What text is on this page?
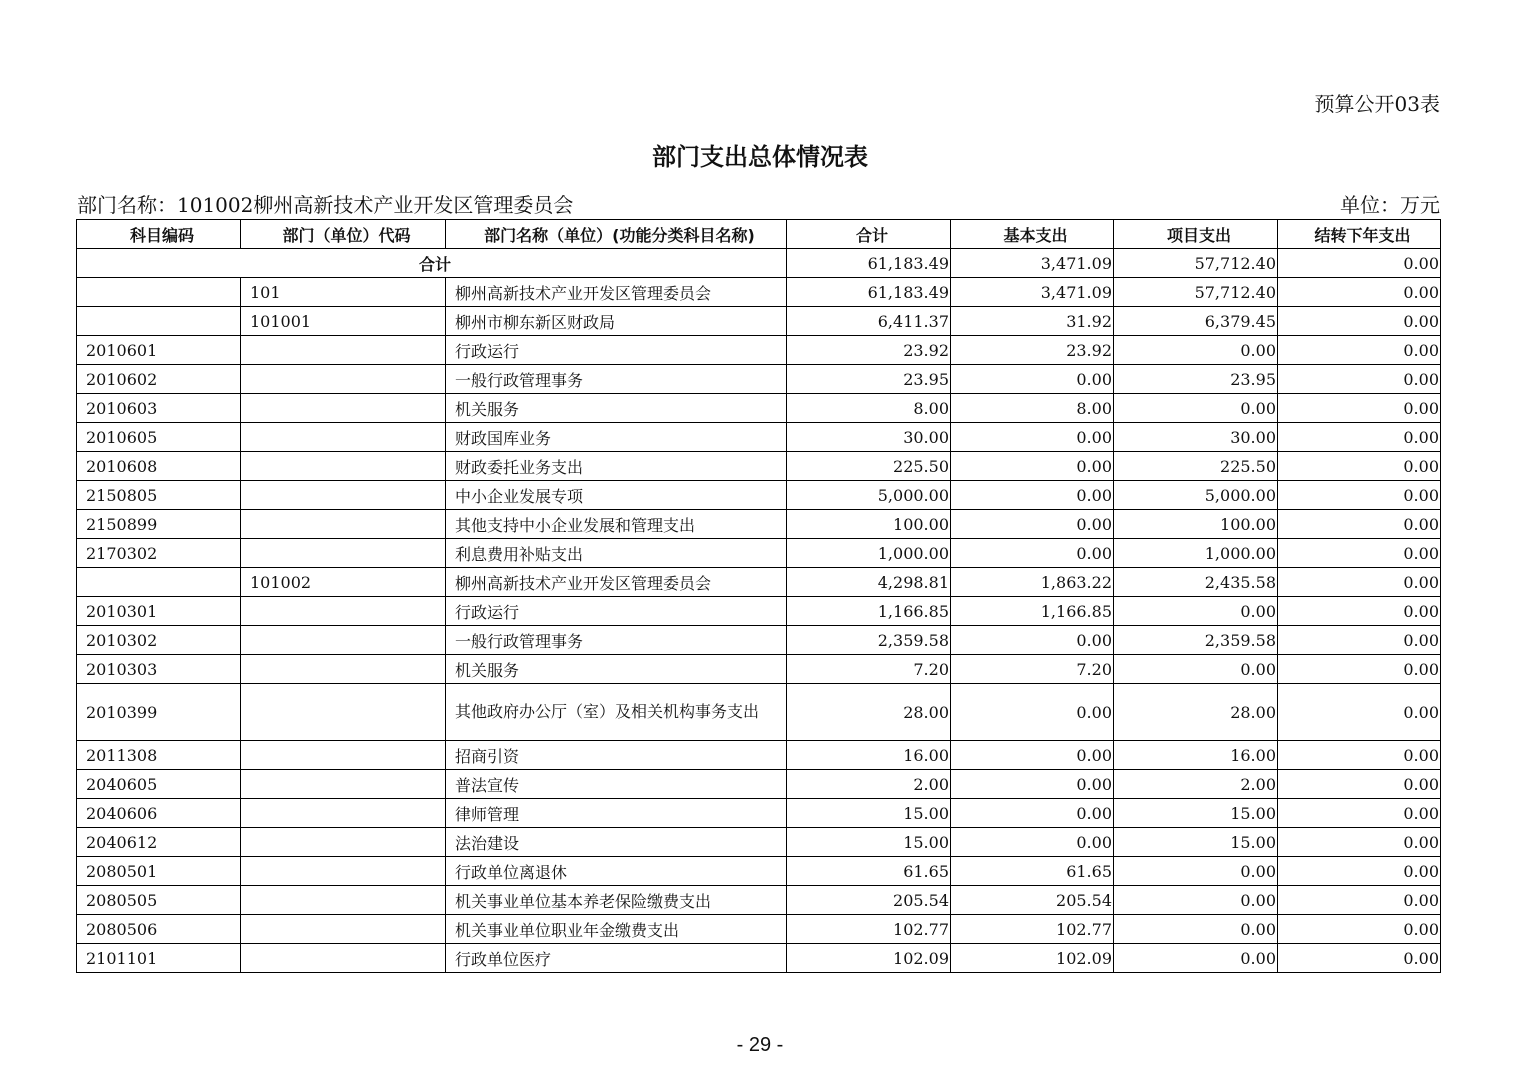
预算公开03表
部门支出总体情况表
部门名称：101002柳州高新技术产业开发区管理委员会	单位：万元
科目编码	部门（单位）代码	部门名称（单位）(功能分类科目名称)	合计	基本支出	项目支出	结转下年支出
合计			61,183.49	3,471.09	57,712.40	0.00
	101	柳州高新技术产业开发区管理委员会	61,183.49	3,471.09	57,712.40	0.00
	101001	柳州市柳东新区财政局	6,411.37	31.92	6,379.45	0.00
2010601		行政运行	23.92	23.92	0.00	0.00
2010602		一般行政管理事务	23.95	0.00	23.95	0.00
2010603		机关服务	8.00	8.00	0.00	0.00
2010605		财政国库业务	30.00	0.00	30.00	0.00
2010608		财政委托业务支出	225.50	0.00	225.50	0.00
2150805		中小企业发展专项	5,000.00	0.00	5,000.00	0.00
2150899		其他支持中小企业发展和管理支出	100.00	0.00	100.00	0.00
2170302		利息费用补贴支出	1,000.00	0.00	1,000.00	0.00
	101002	柳州高新技术产业开发区管理委员会	4,298.81	1,863.22	2,435.58	0.00
2010301		行政运行	1,166.85	1,166.85	0.00	0.00
2010302		一般行政管理事务	2,359.58	0.00	2,359.58	0.00
2010303		机关服务	7.20	7.20	0.00	0.00
2010399		其他政府办公厅（室）及相关机构事务支出	28.00	0.00	28.00	0.00
2011308		招商引资	16.00	0.00	16.00	0.00
2040605		普法宣传	2.00	0.00	2.00	0.00
2040606		律师管理	15.00	0.00	15.00	0.00
2040612		法治建设	15.00	0.00	15.00	0.00
2080501		行政单位离退休	61.65	61.65	0.00	0.00
2080505		机关事业单位基本养老保险缴费支出	205.54	205.54	0.00	0.00
2080506		机关事业单位职业年金缴费支出	102.77	102.77	0.00	0.00
2101101		行政单位医疗	102.09	102.09	0.00	0.00
- 29 -
